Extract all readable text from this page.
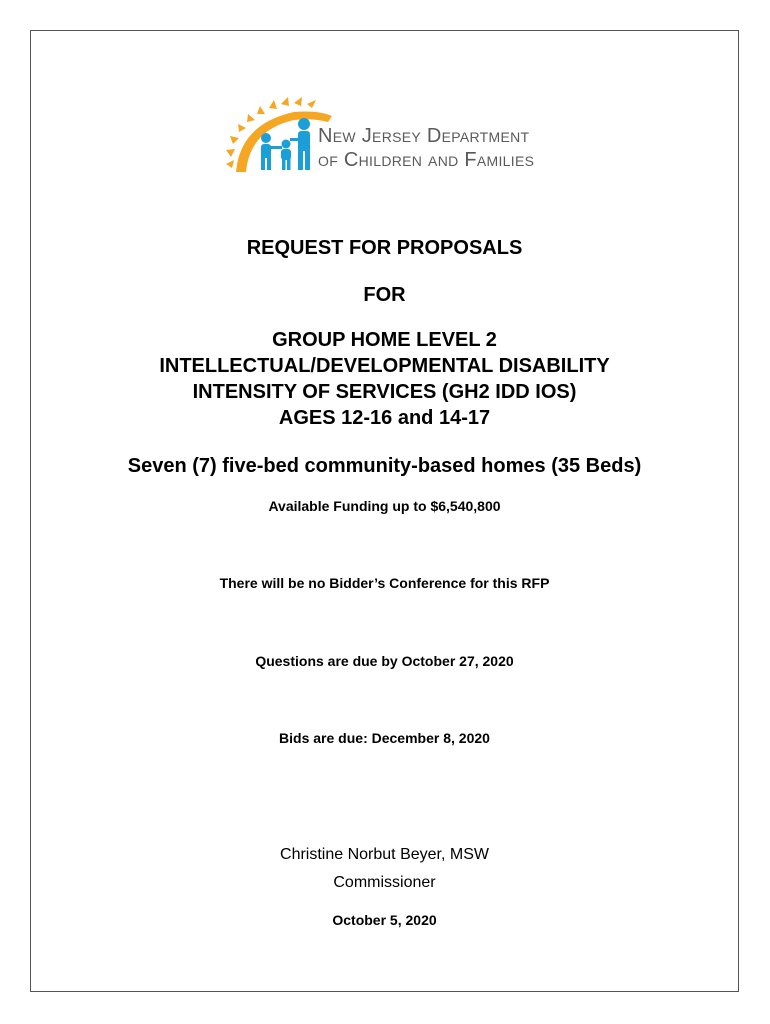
New Jersey Department
of Children and Families
REQUEST FOR PROPOSALS
FOR
GROUP HOME LEVEL 2
INTELLECTUAL/DEVELOPMENTAL DISABILITY
INTENSITY OF SERVICES (GH2 IDD IOS)
AGES 12-16 and 14-17
Seven (7) five-bed community-based homes (35 Beds)
Available Funding up to $6,540,800
There will be no Bidder’s Conference for this RFP
Questions are due by October 27, 2020
Bids are due: December 8, 2020
Christine Norbut Beyer, MSW
Commissioner
October 5, 2020
